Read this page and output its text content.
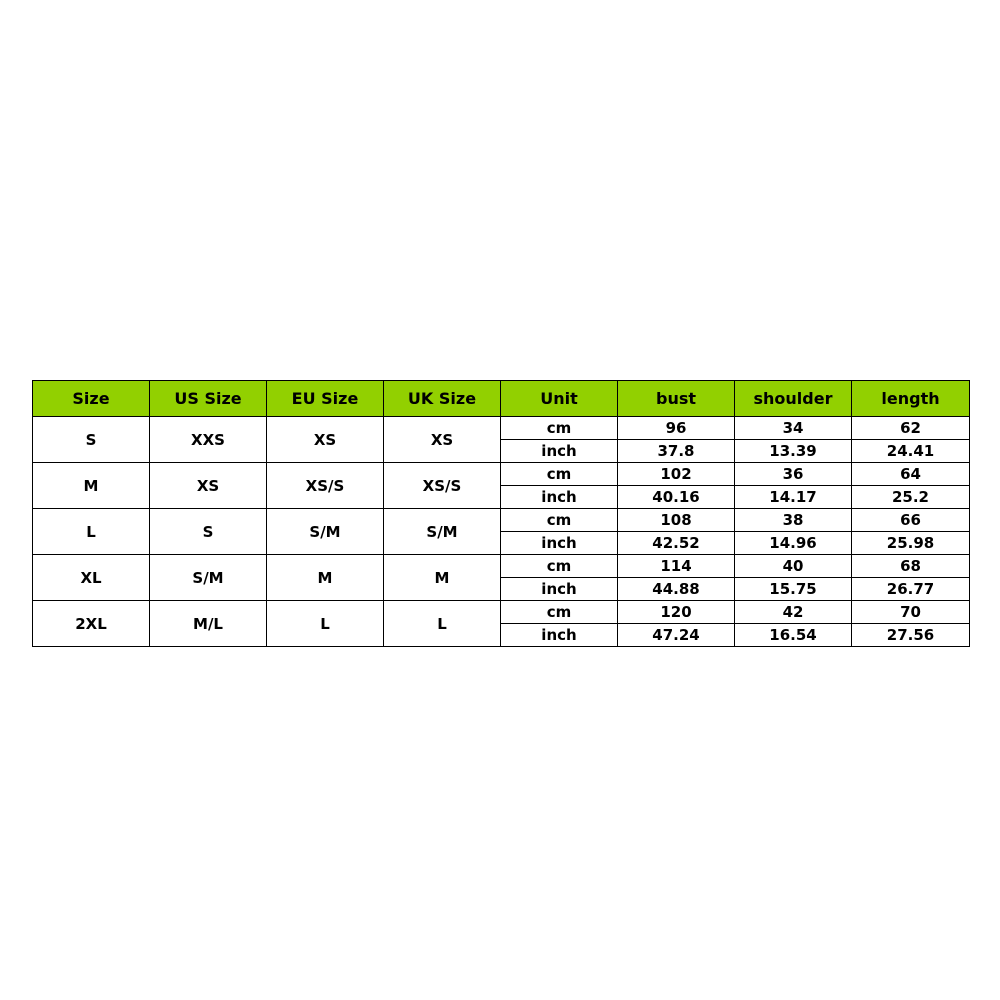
Size	US Size	EU Size	UK Size	Unit	bust	shoulder	length
S	XXS	XS	XS	cm	96	34	62
				inch	37.8	13.39	24.41
M	XS	XS/S	XS/S	cm	102	36	64
				inch	40.16	14.17	25.2
L	S	S/M	S/M	cm	108	38	66
				inch	42.52	14.96	25.98
XL	S/M	M	M	cm	114	40	68
				inch	44.88	15.75	26.77
2XL	M/L	L	L	cm	120	42	70
				inch	47.24	16.54	27.56
